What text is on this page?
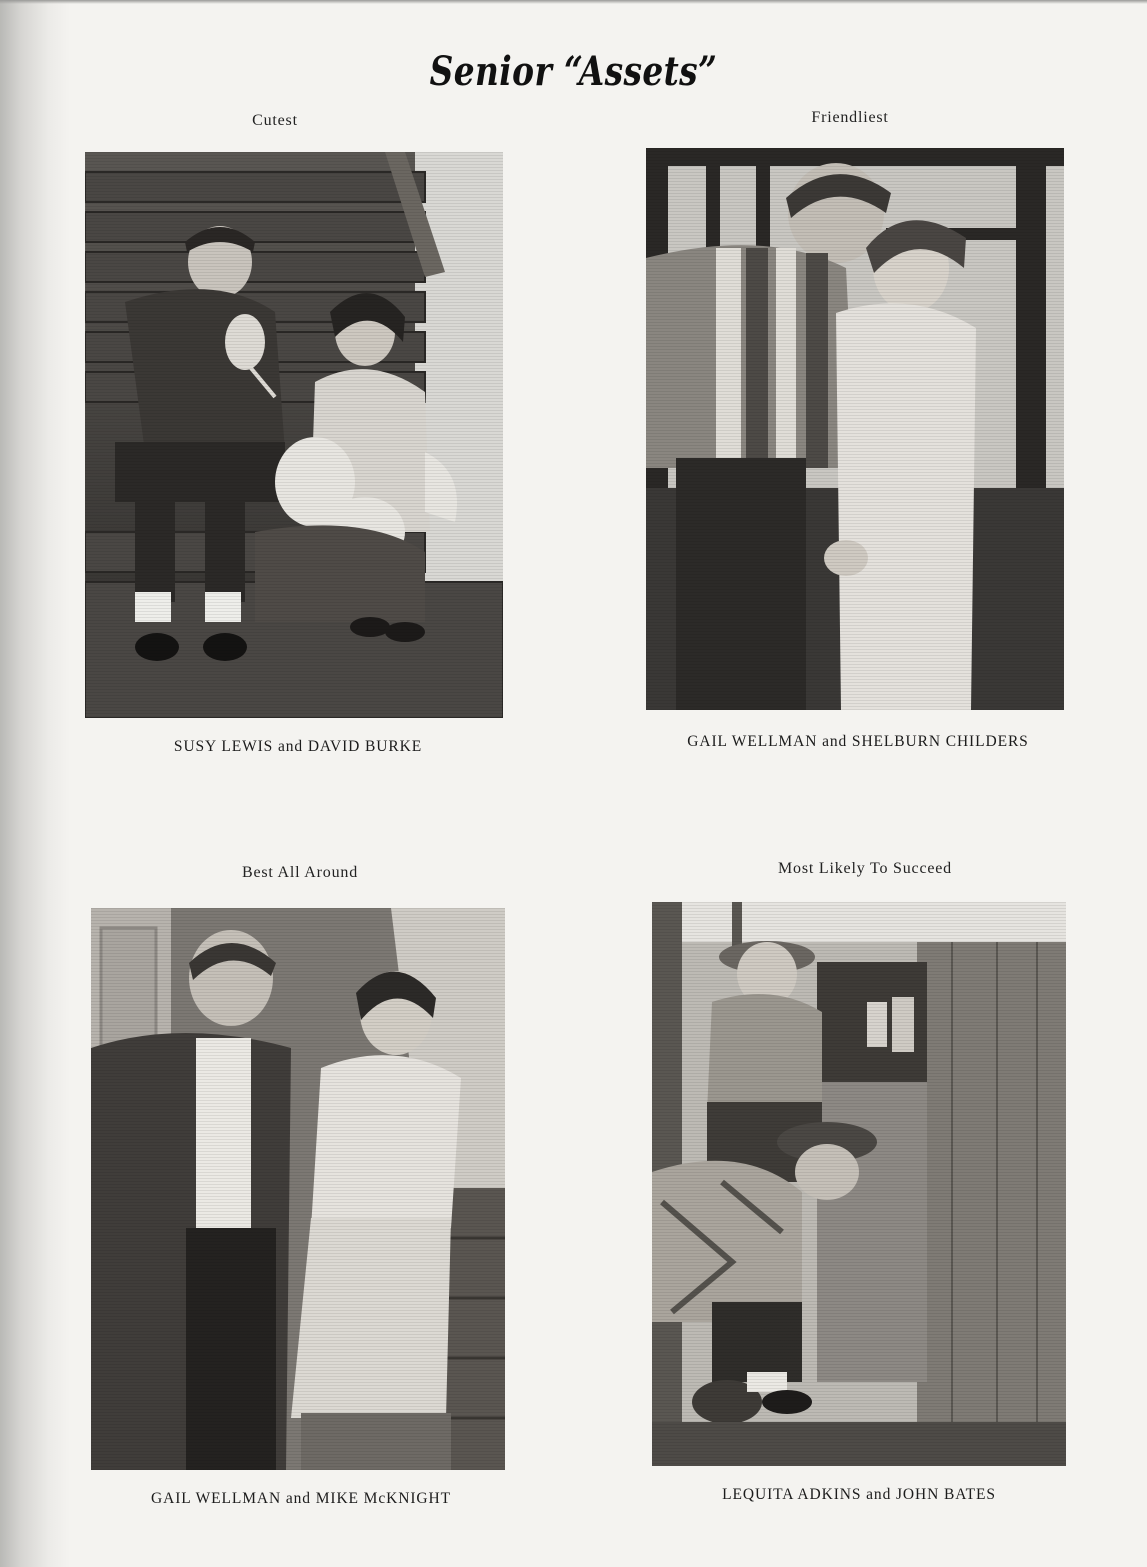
Senior “Assets”
Cutest
SUSY LEWIS and DAVID BURKE
Friendliest
GAIL WELLMAN and SHELBURN CHILDERS
Best All Around
GAIL WELLMAN and MIKE McKNIGHT
Most Likely To Succeed
LEQUITA ADKINS and JOHN BATES
